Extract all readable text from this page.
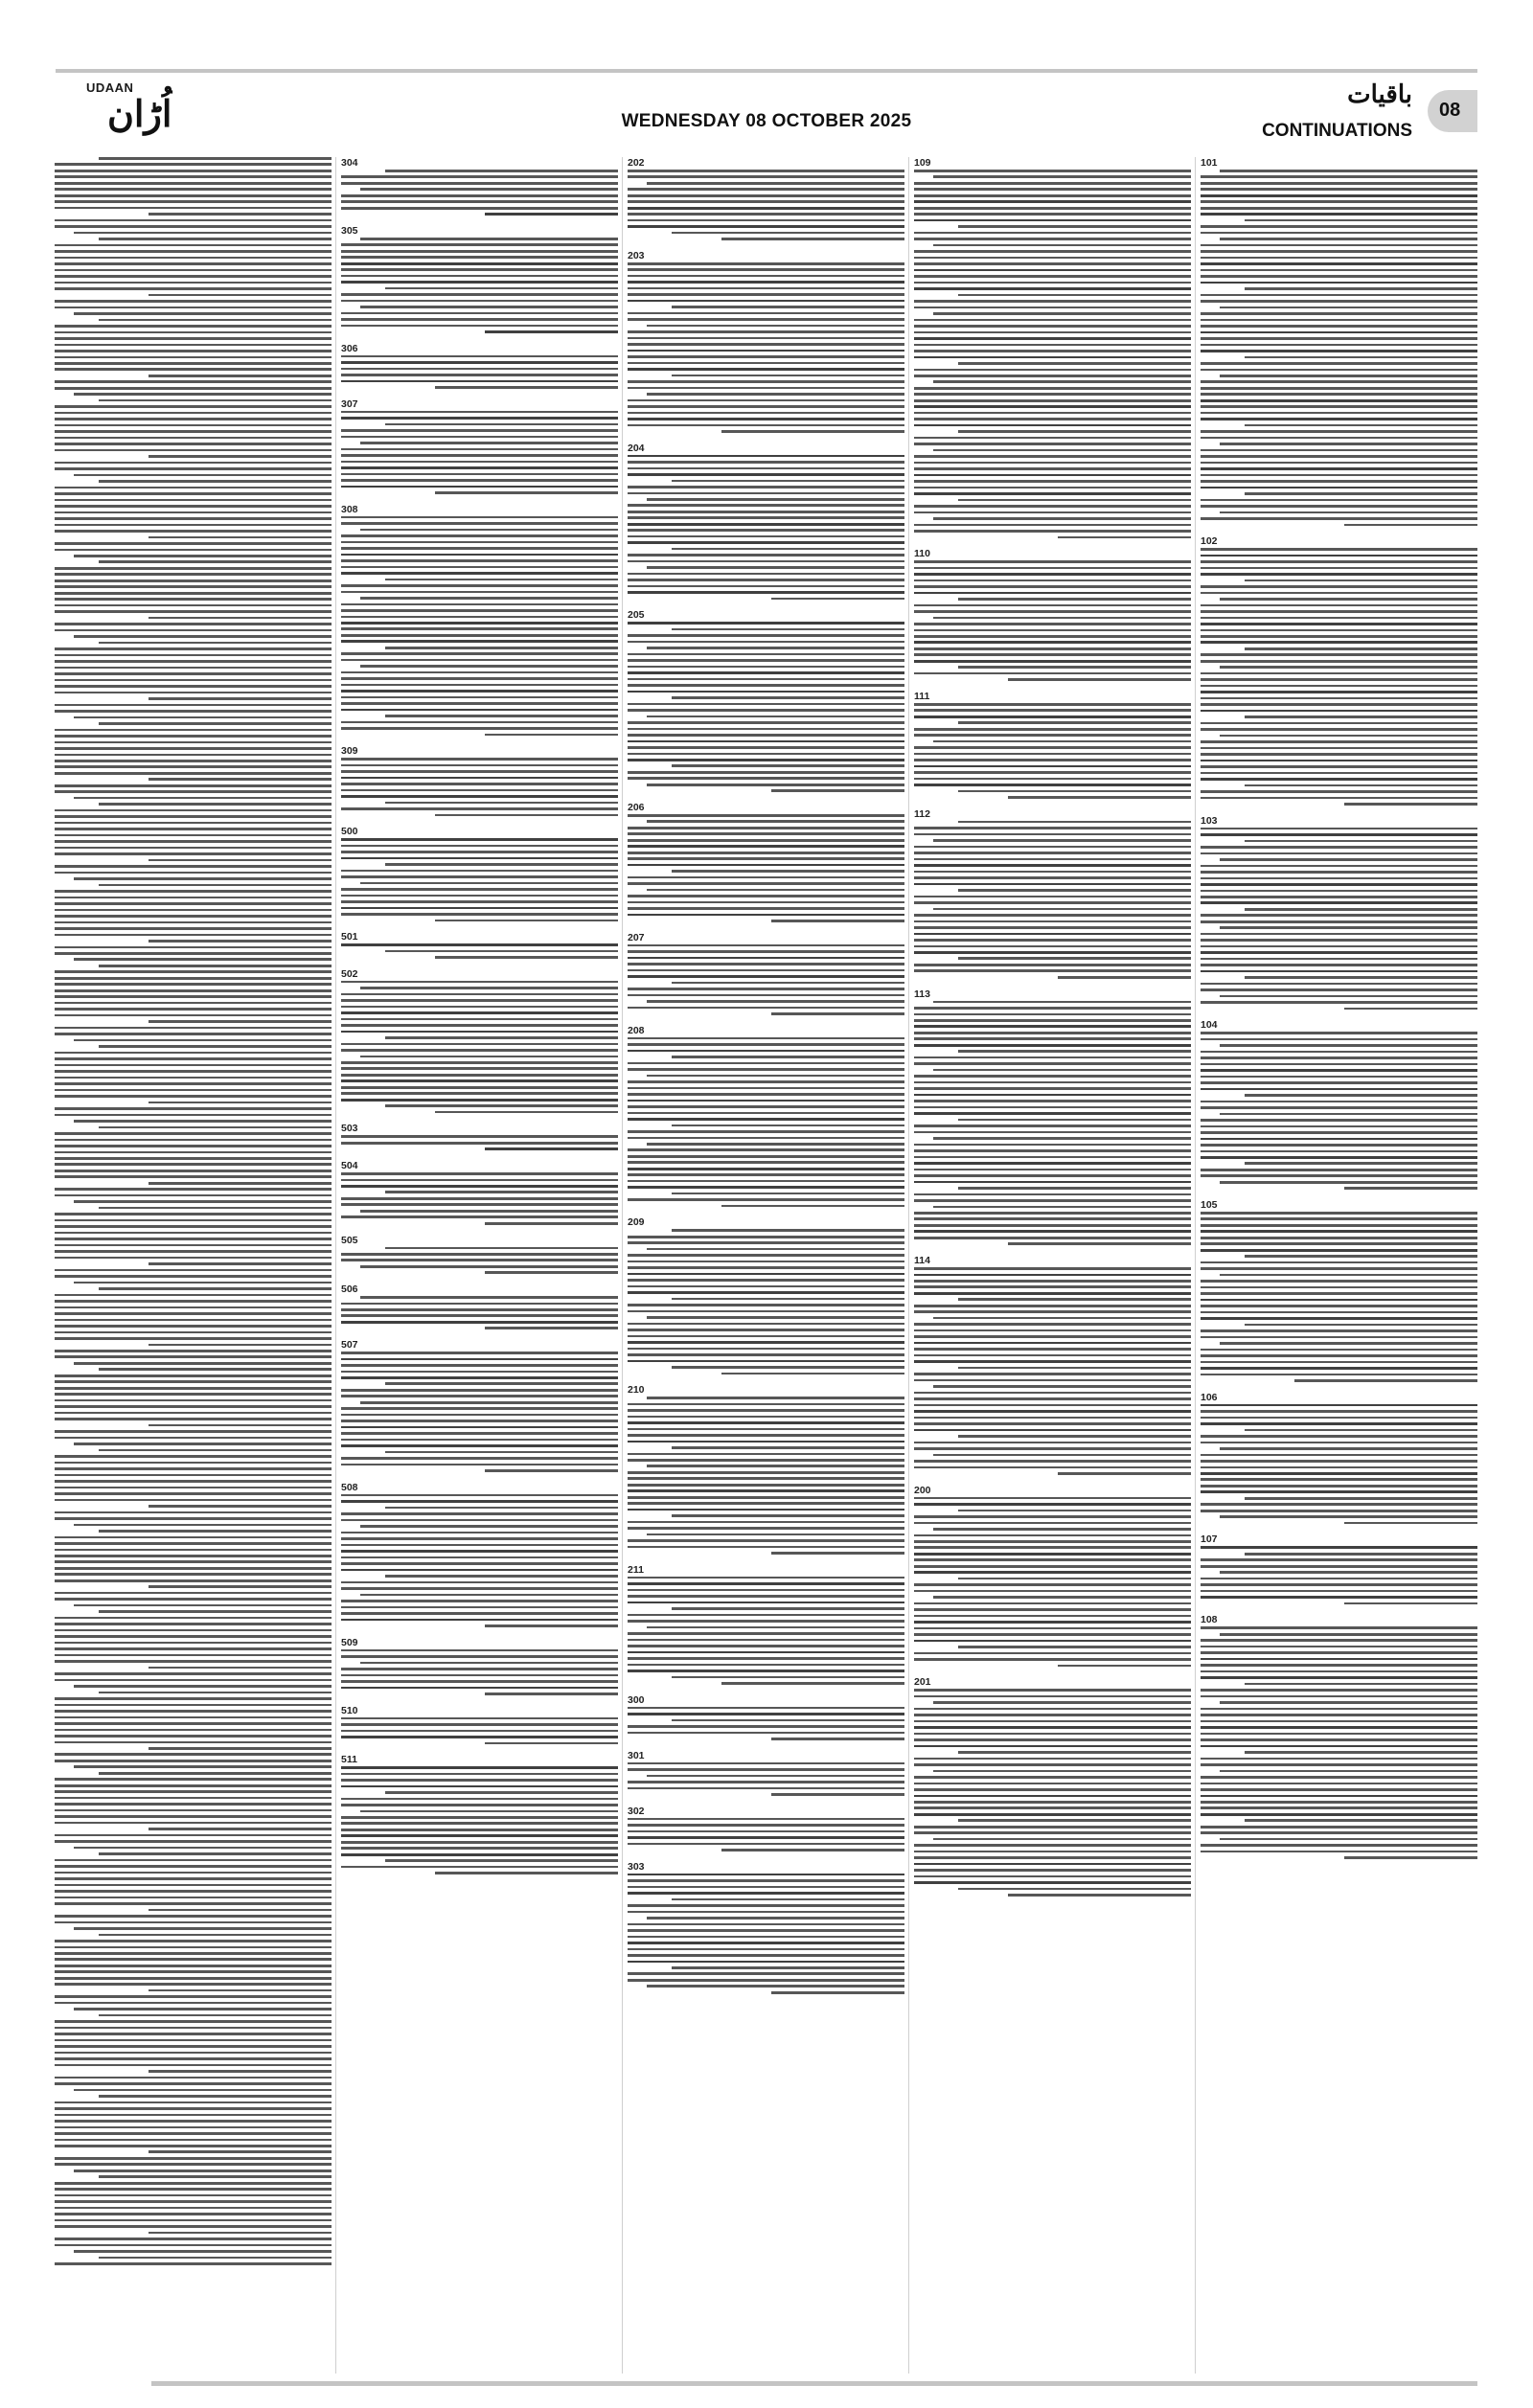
UDAAN
اُڑان	WEDNESDAY 08 OCTOBER 2025
باقیات
CONTINUATIONS
08
101
102
103
104
105
106
107
108
109
110
111
112
113
114
200
201
202
203
204
205
206
207
208
209
210
211
300
301
302
303
304
305
306
307
308
309
500
501
502
503
504
505
506
507
508
509
510
511
